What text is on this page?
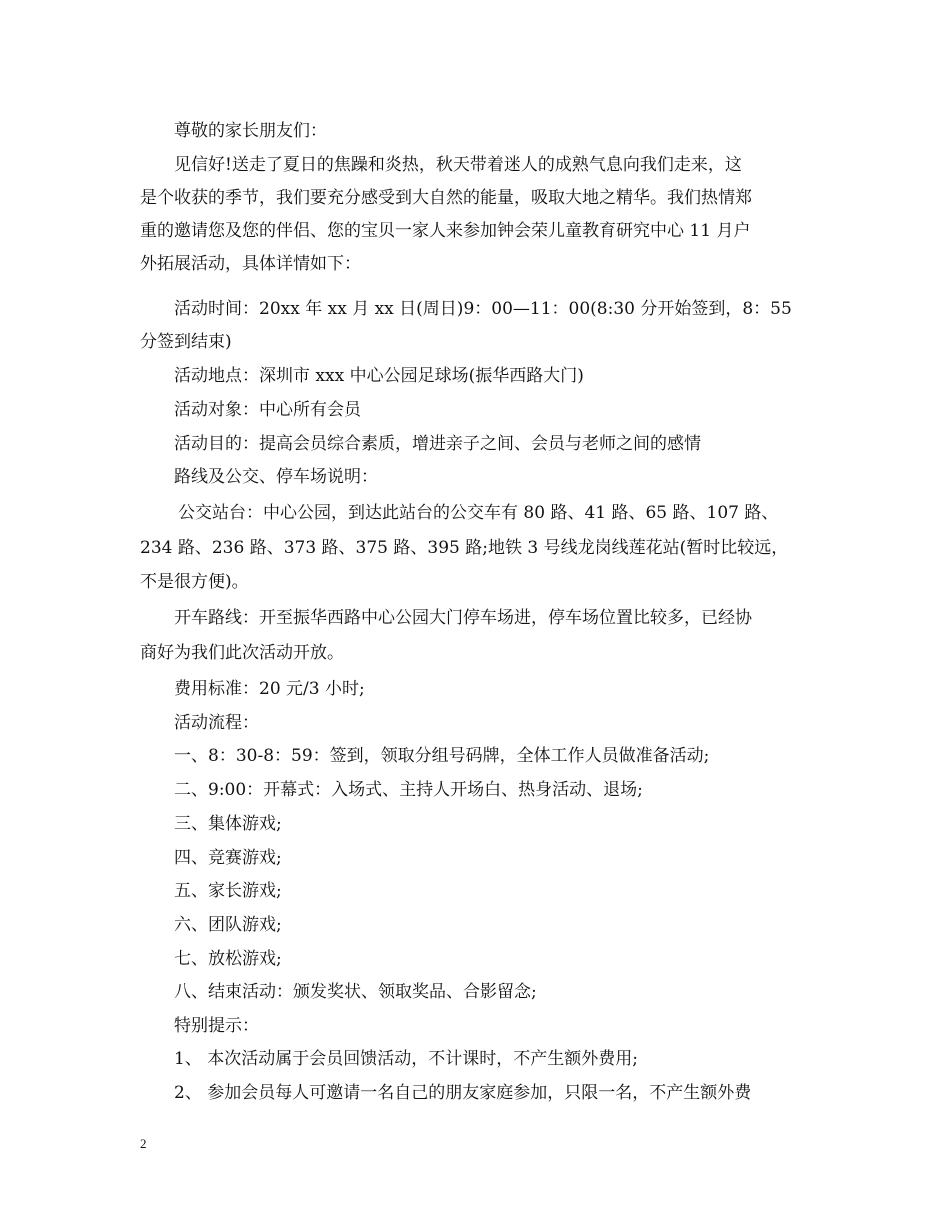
尊敬的家长朋友们：
见信好!送走了夏日的焦躁和炎热，秋天带着迷人的成熟气息向我们走来，这
是个收获的季节，我们要充分感受到大自然的能量，吸取大地之精华。我们热情郑
重的邀请您及您的伴侣、您的宝贝一家人来参加钟会荣儿童教育研究中心 11 月户
外拓展活动，具体详情如下：
活动时间：20xx 年 xx 月 xx 日(周日)9：00—11：00(8:30 分开始签到，8：55
分签到结束)
活动地点：深圳市 xxx 中心公园足球场(振华西路大门)
活动对象：中心所有会员
活动目的：提高会员综合素质，增进亲子之间、会员与老师之间的感情
路线及公交、停车场说明：
公交站台：中心公园，到达此站台的公交车有 80 路、41 路、65 路、107 路、
234 路、236 路、373 路、375 路、395 路;地铁 3 号线龙岗线莲花站(暂时比较远，
不是很方便)。
开车路线：开至振华西路中心公园大门停车场进，停车场位置比较多，已经协
商好为我们此次活动开放。
费用标准：20 元/3 小时;
活动流程：
一、8：30-8：59：签到，领取分组号码牌，全体工作人员做准备活动;
二、9:00：开幕式：入场式、主持人开场白、热身活动、退场;
三、集体游戏;
四、竞赛游戏;
五、家长游戏;
六、团队游戏;
七、放松游戏;
八、结束活动：颁发奖状、领取奖品、合影留念;
特别提示：
1、 本次活动属于会员回馈活动，不计课时，不产生额外费用;
2、 参加会员每人可邀请一名自己的朋友家庭参加，只限一名，不产生额外费
2
